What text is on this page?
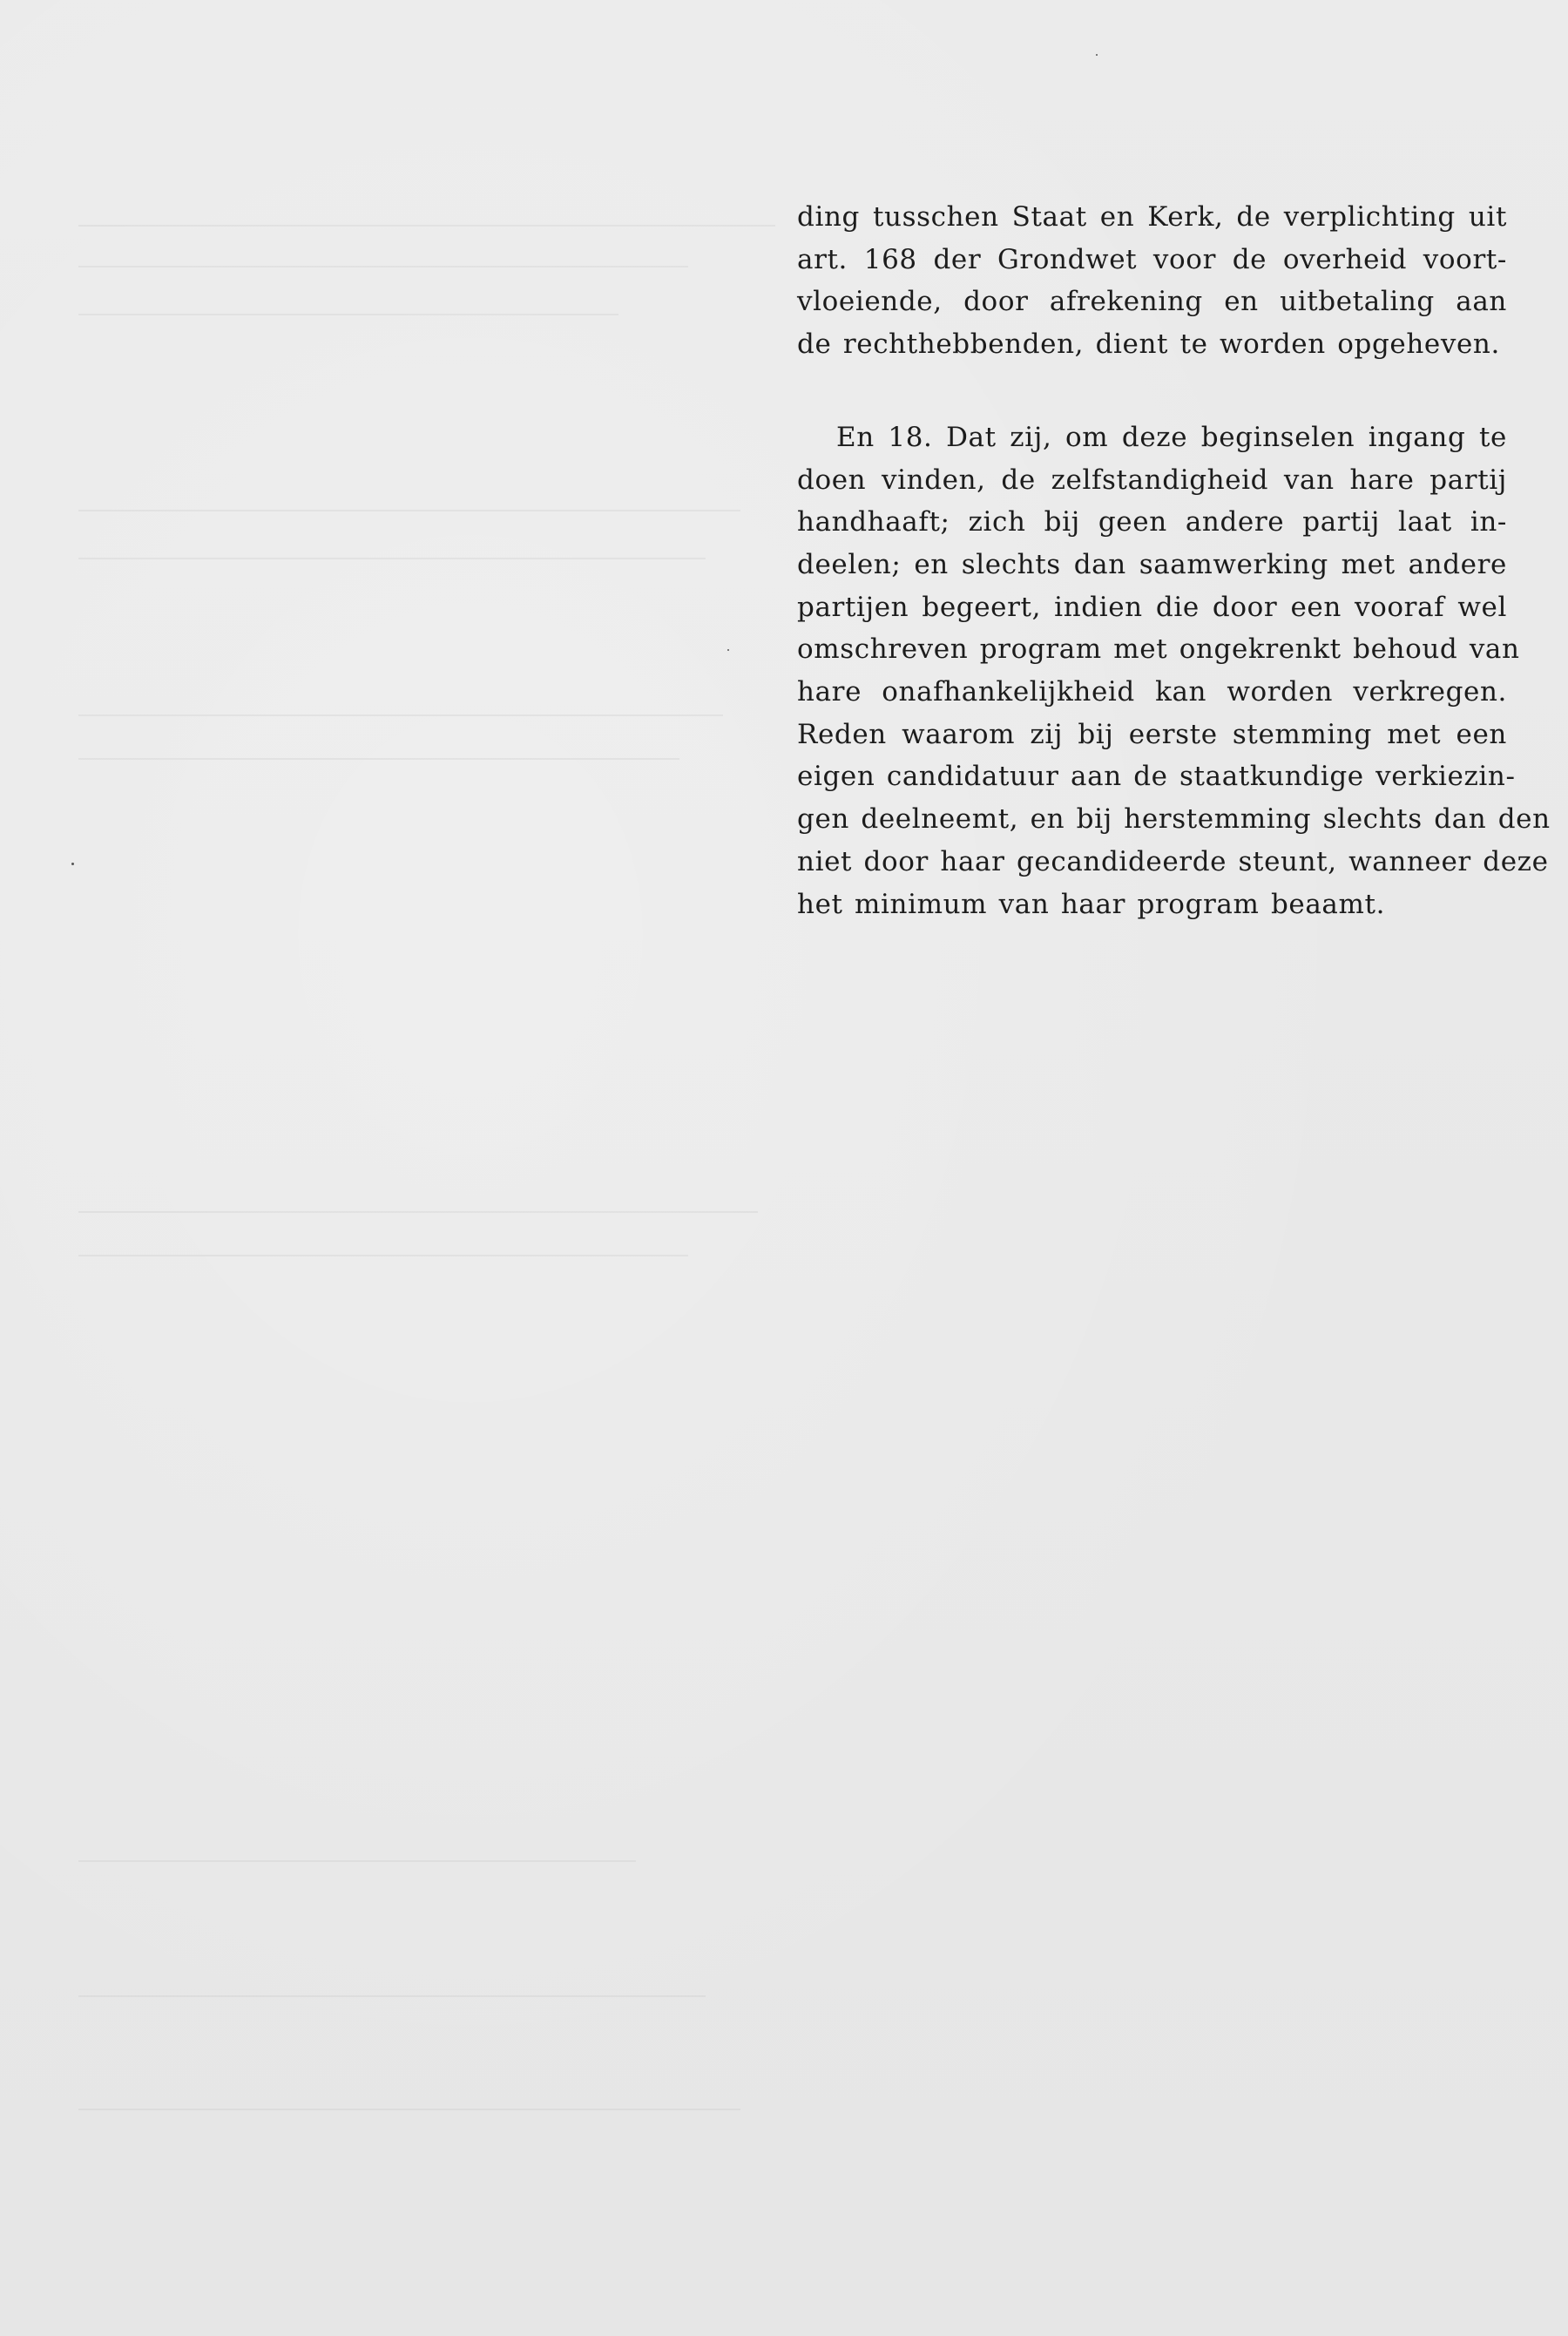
ding tusschen Staat en Kerk, de verplichting uit
art. 168 der Grondwet voor de overheid voort-
vloeiende, door afrekening en uitbetaling aan
de rechthebbenden, dient te worden opgeheven.

En 18. Dat zij, om deze beginselen ingang te
doen vinden, de zelfstandigheid van hare partij
handhaaft; zich bij geen andere partij laat in-
deelen; en slechts dan saamwerking met andere
partijen begeert, indien die door een vooraf wel
omschreven program met ongekrenkt behoud van
hare onafhankelijkheid kan worden verkregen.
Reden waarom zij bij eerste stemming met een
eigen candidatuur aan de staatkundige verkiezin-
gen deelneemt, en bij herstemming slechts dan den
niet door haar gecandideerde steunt, wanneer deze
het minimum van haar program beaamt.
